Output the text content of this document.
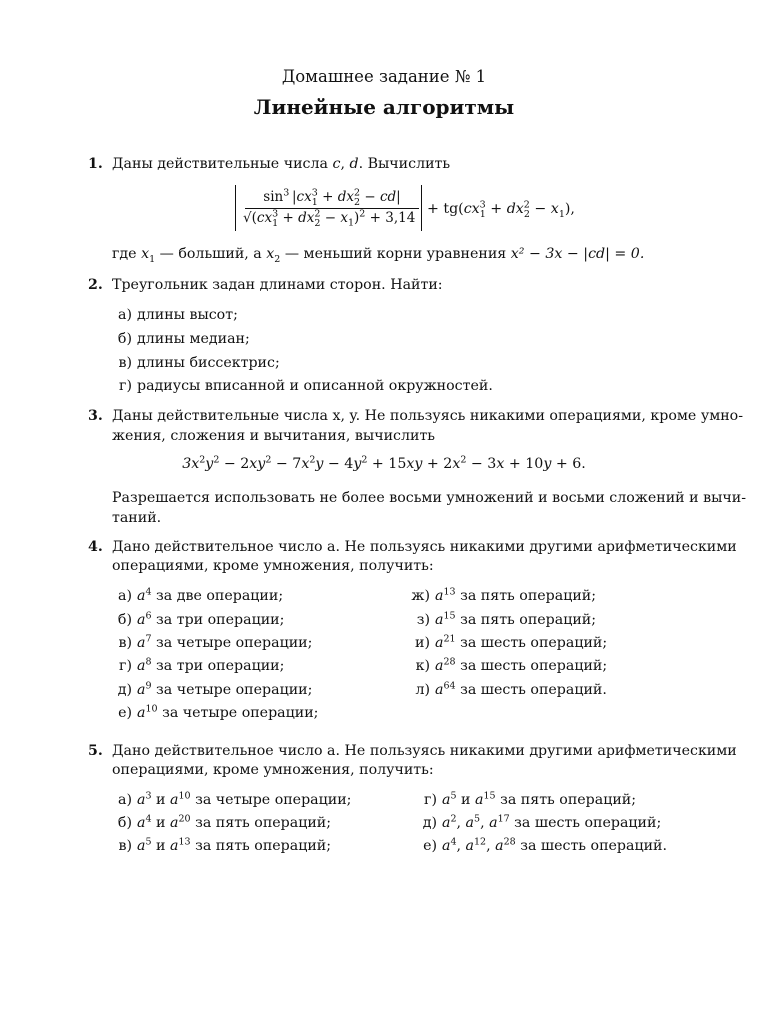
Домашнее задание № 1
Линейные алгоритмы
1. Даны действительные числа c, d. Вычислить
$\sin^3 |cx^3_1 + dx^2_2 - cd|$
$√(cx^3_1 + dx^2_2 - x_1)^2 + 3,14$
+ $tg(cx^3_1 + dx^2_2 - x_1)$,
где $x_1$ — больший, а $x_2$ — меньший корни уравнения x² − 3x − |cd| = 0.
2. Треугольник задан длинами сторон. Найти:
а) длины высот;
б) длины медиан;
в) длины биссектрис;
г) радиусы вписанной и описанной окружностей.
3. Даны действительные числа x, y. Не пользуясь никакими операциями, кроме умно-
жения, сложения и вычитания, вычислить
$3x^2y^2 - 2xy^2 - 7x^2y - 4y^2 + 15xy + 2x^2 - 3x + 10y + 6$.
Разрешается использовать не более восьми умножений и восьми сложений и вычи-
таний.
4. Дано действительное число a. Не пользуясь никакими другими арифметическими
операциями, кроме умножения, получить:
а) $a^4$ за две операции;
б) $a^6$ за три операции;
в) $a^7$ за четыре операции;
г) $a^8$ за три операции;
д) $a^9$ за четыре операции;
е) $a^{10}$ за четыре операции;
ж) $a^{13}$ за пять операций;
з) $a^{15}$ за пять операций;
и) $a^{21}$ за шесть операций;
к) $a^{28}$ за шесть операций;
л) $a^{64}$ за шесть операций.
5. Дано действительное число a. Не пользуясь никакими другими арифметическими
операциями, кроме умножения, получить:
а) $a^3$ и $a^{10}$ за четыре операции;
б) $a^4$ и $a^{20}$ за пять операций;
в) $a^5$ и $a^{13}$ за пять операций;
г) $a^5$ и $a^{15}$ за пять операций;
д) $a^2$, $a^5$, $a^{17}$ за шесть операций;
е) $a^4$, $a^{12}$, $a^{28}$ за шесть операций.
